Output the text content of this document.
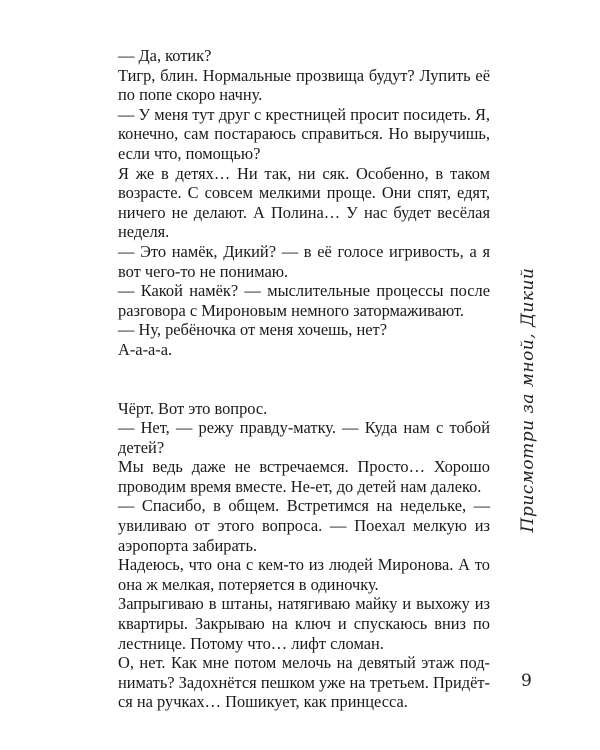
— Да, котик?

Тигр, блин. Нормальные прозвища будут? Лупить её по попе скоро начну.

— У меня тут друг с крестницей просит посидеть. Я, конечно, сам постараюсь справиться. Но выручишь, если что, помощью?

Я же в детях… Ни так, ни сяк. Особенно, в таком возрасте. С совсем мелкими проще. Они спят, едят, ничего не делают. А Полина… У нас будет весёлая неделя.

— Это намёк, Дикий? — в её голосе игривость, а я вот чего-то не понимаю.

— Какой намёк? — мыслительные процессы после разговора с Мироновым немного затормаживают.

— Ну, ребёночка от меня хочешь, нет?

А-а-а-а.

Чёрт. Вот это вопрос.

— Нет, — режу правду-матку. — Куда нам с тобой детей?

Мы ведь даже не встречаемся. Просто… Хорошо проводим время вместе. Не-ет, до детей нам далеко.

— Спасибо, в общем. Встретимся на недельке, — увиливаю от этого вопроса. — Поехал мелкую из аэропорта забирать.

Надеюсь, что она с кем-то из людей Миронова. А то она ж мелкая, потеряется в одиночку.

Запрыгиваю в штаны, натягиваю майку и выхожу из квартиры. Закрываю на ключ и спускаюсь вниз по лестнице. Потому что… лифт сломан.

О, нет. Как мне потом мелочь на девятый этаж поднимать? Задохнётся пешком уже на третьем. Придётся на ручках… Пошикует, как принцесса.

Присмотри за мной, Дикий
9
